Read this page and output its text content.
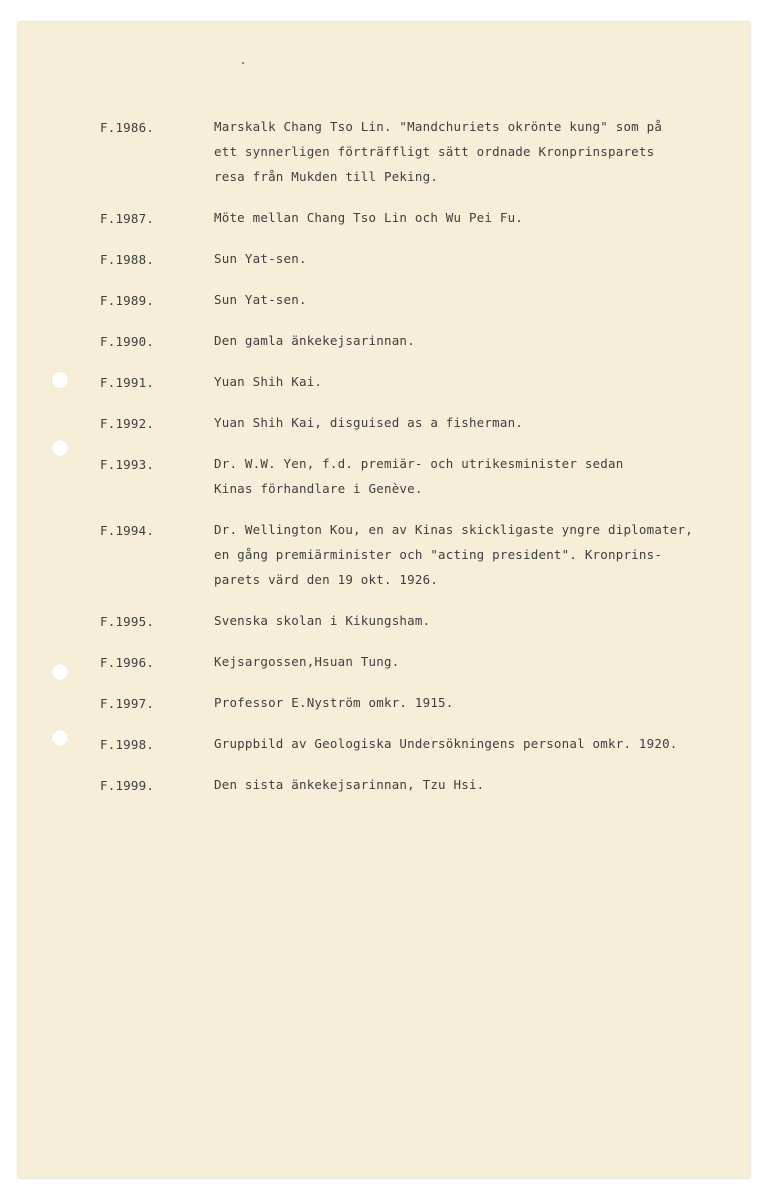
F.1986.	Marskalk Chang Tso Lin. "Mandchuriets okrönte kung" som på
ett synnerligen förträffligt sätt ordnade Kronprinsparets
resa från Mukden till Peking.
F.1987.	Möte mellan Chang Tso Lin och Wu Pei Fu.
F.1988.	Sun Yat-sen.
F.1989.	Sun Yat-sen.
F.1990.	Den gamla änkekejsarinnan.
F.1991.	Yuan Shih Kai.
F.1992.	Yuan Shih Kai, disguised as a fisherman.
F.1993.	Dr. W.W. Yen, f.d. premiär- och utrikesminister sedan
Kinas förhandlare i Genève.
F.1994.	Dr. Wellington Kou, en av Kinas skickligaste yngre diplomater,
en gång premiärminister och "acting president". Kronprins-
parets värd den 19 okt. 1926.
F.1995.	Svenska skolan i Kikungsham.
F.1996.	Kejsargossen,Hsuan Tung.
F.1997.	Professor E.Nyström omkr. 1915.
F.1998.	Gruppbild av Geologiska Undersökningens personal omkr. 1920.
F.1999.	Den sista änkekejsarinnan, Tzu Hsi.
